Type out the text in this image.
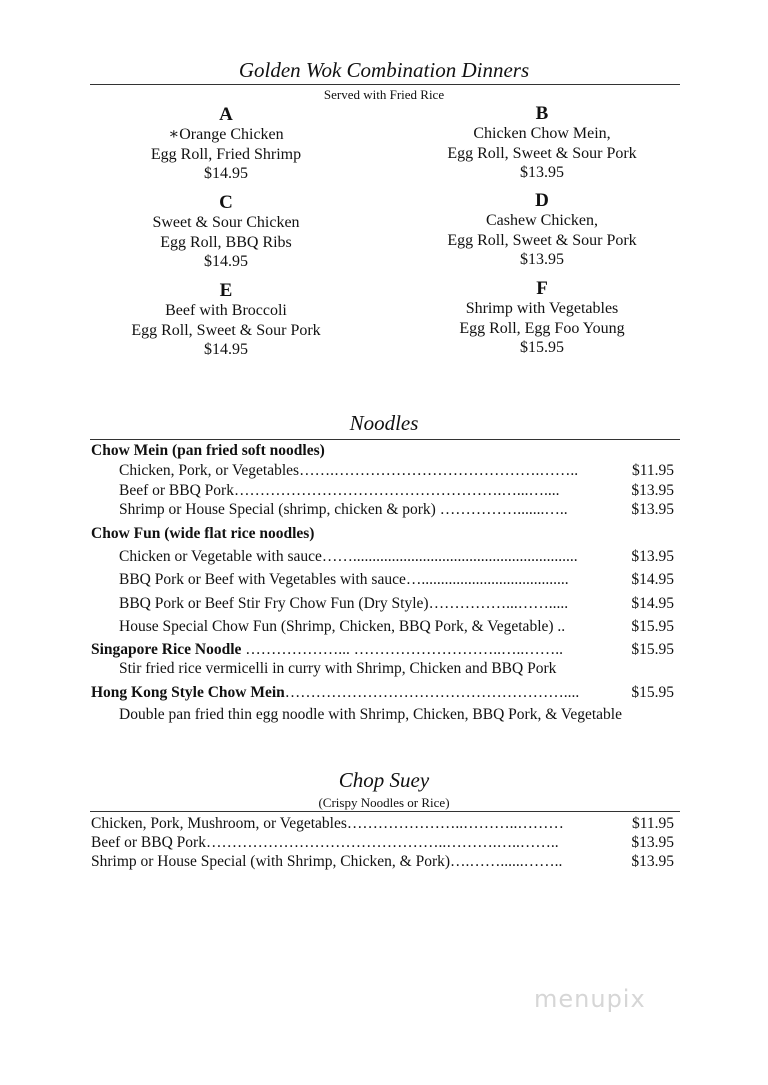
Golden Wok Combination Dinners
Served with Fried Rice
A
∗Orange Chicken
Egg Roll, Fried Shrimp
$14.95
B
Chicken Chow Mein,
Egg Roll, Sweet & Sour Pork
$13.95
C
Sweet & Sour Chicken
Egg Roll, BBQ Ribs
$14.95
D
Cashew Chicken,
Egg Roll, Sweet & Sour Pork
$13.95
E
Beef with Broccoli
Egg Roll, Sweet & Sour Pork
$14.95
F
Shrimp with Vegetables
Egg Roll, Egg Foo Young
$15.95
Noodles
Chow Mein (pan fried soft noodles)
Chicken, Pork, or Vegetables…….………………………………….……..	$11.95
Beef or BBQ Pork…………………………………………….…...…....	$13.95
Shrimp or House Special (shrimp, chicken & pork) …………….......…..	$13.95
Chow Fun (wide flat rice noodles)
Chicken or Vegetable with sauce……..........................................................	$13.95
BBQ Pork or Beef with Vegetables with sauce…......................................	$14.95
BBQ Pork or Beef Stir Fry Chow Fun (Dry Style)……………...…….....	$14.95
House Special Chow Fun (Shrimp, Chicken, BBQ Pork, & Vegetable) ..	$15.95
Singapore Rice Noodle ………………... ………………………..…..……..	$15.95
Stir fried rice vermicelli in curry with Shrimp, Chicken and BBQ Pork
Hong Kong Style Chow Mein………………………………………………....	$15.95
Double pan fried thin egg noodle with Shrimp, Chicken, BBQ Pork, & Vegetable
Chop Suey
(Crispy Noodles or Rice)
Chicken, Pork, Mushroom, or Vegetables…………………..………..………	$11.95
Beef or BBQ Pork………………………………………..……….…..……..	$13.95
Shrimp or House Special (with Shrimp, Chicken, & Pork)….……......……..	$13.95
menupix
